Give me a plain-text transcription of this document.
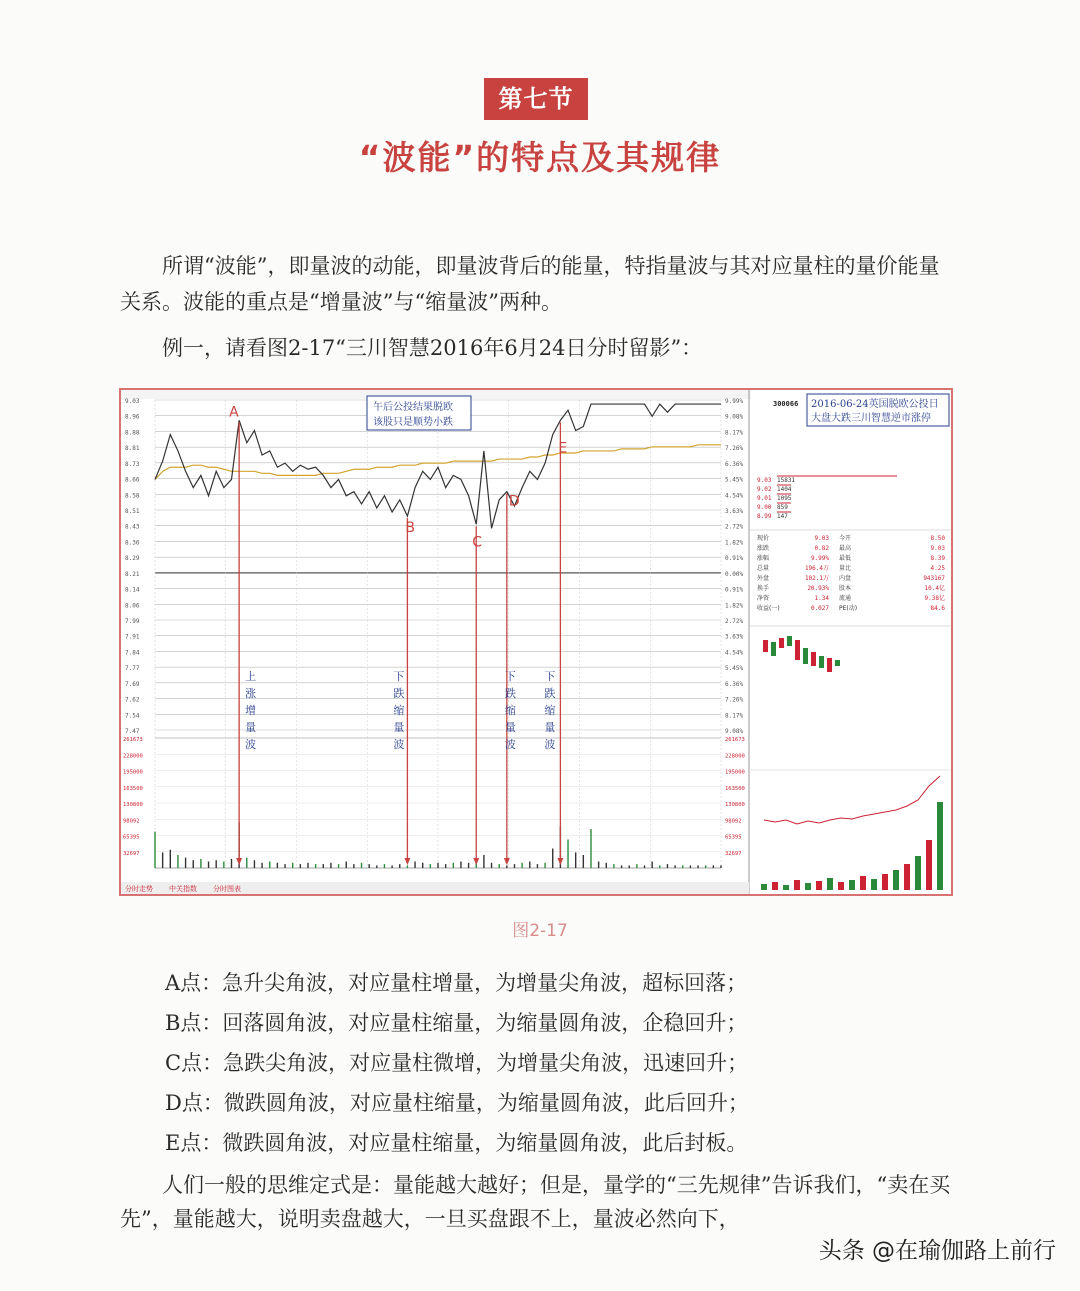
第七节
“波能”的特点及其规律

所谓“波能”，即量波的动能，即量波背后的能量，特指量波与其对应量柱的量价能量关系。波能的重点是“增量波”与“缩量波”两种。

例一，请看图2-17“三川智慧2016年6月24日分时留影”：

9.03	9.99%
8.96	9.08%
8.88	8.17%
8.81	7.26%
8.73	6.36%
8.66	5.45%
8.58	4.54%
8.51	3.63%
8.43	2.72%
8.36	1.82%
8.29	0.91%
8.21	0.00%
8.14	0.91%
8.06	1.82%
7.99	2.72%
7.91	3.63%
7.84	4.54%
7.77	5.45%
7.69	6.36%
7.62	7.26%
7.54	8.17%
7.47	9.08%
261673	261673
228000	228000
195000	195000
163500	163500
130800	130800
98092	98092
65395	65395
32697	32697
A
B
C
D
E
上
涨
增
量
波
下
跌
缩
量
波
下
跌
缩
量
波
下
跌
缩
量
波
午后公投结果脱欧
该股只是顺势小跌
300066 2016-06-24英国脱欧公投日
大盘大跌三川智慧逆市涨停
9.03 15831
9.02 1404
9.01 1095
9.00 859
8.99 147
现价	9.03 今开	8.50
涨跌	0.82 最高	9.03
涨幅	9.99% 最低	8.39
总量	196.4万 量比	4.25
外盘	102.1万 内盘	943167
换手	20.93% 股本	10.4亿
净资	1.34 流通	9.38亿
收益(一)	0.027 PE(动)	84.6
分时走势 中关指数 分时图表
图2-17
A点：急升尖角波，对应量柱增量，为增量尖角波，超标回落；
B点：回落圆角波，对应量柱缩量，为缩量圆角波，企稳回升；
C点：急跌尖角波，对应量柱微增，为增量尖角波，迅速回升；
D点：微跌圆角波，对应量柱缩量，为缩量圆角波，此后回升；
E点：微跌圆角波，对应量柱缩量，为缩量圆角波，此后封板。

人们一般的思维定式是：量能越大越好；但是，量学的“三先规律”告诉我们，“卖在买先”，量能越大，说明卖盘越大，一旦买盘跟不上，量波必然向下，

头条 @在瑜伽路上前行
